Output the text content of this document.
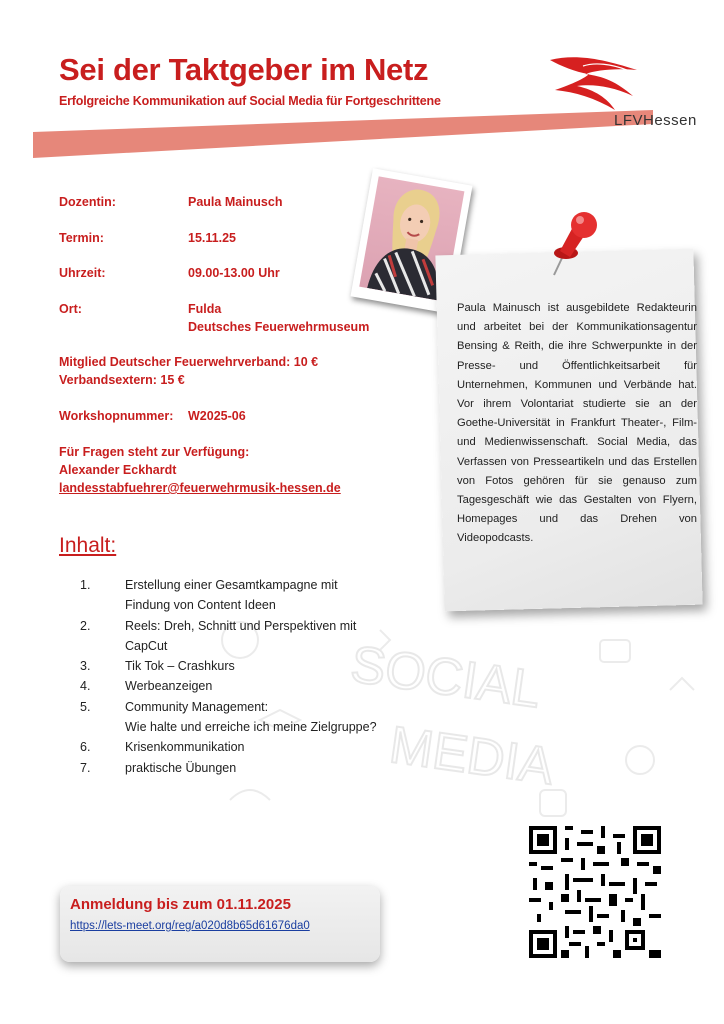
Sei der Taktgeber im Netz
Erfolgreiche Kommunikation auf Social Media für Fortgeschrittene
LFVHessen
Dozentin:	Paula Mainusch
Termin:	15.11.25
Uhrzeit:	09.00-13.00 Uhr
Ort:	Fulda
Deutsches Feuerwehrmuseum
Mitglied Deutscher Feuerwehrverband: 10 €
Verbandsextern: 15 €
Workshopnummer: W2025-06
Für Fragen steht zur Verfügung:
Alexander Eckhardt
landesstabfuehrer@feuerwehrmusik-hessen.de
Paula Mainusch ist ausgebildete Redakteurin und arbeitet bei der Kommunikationsagentur Bensing & Reith, die ihre Schwerpunkte in der Presse- und Öffentlichkeitsarbeit für Unternehmen, Kommunen und Verbände hat. Vor ihrem Volontariat studierte sie an der Goethe-Universität in Frankfurt Theater-, Film- und Medienwissenschaft. Social Media, das Verfassen von Presseartikeln und das Erstellen von Fotos gehören für sie genauso zum Tagesgeschäft wie das Gestalten von Flyern, Homepages und das Drehen von Videopodcasts.
SOCIAL
MEDIA
Inhalt:
1.	Erstellung einer Gesamtkampagne mit
Findung von Content Ideen
2.	Reels: Dreh, Schnitt und Perspektiven mit
CapCut
3.	Tik Tok – Crashkurs
4.	Werbeanzeigen
5.	Community Management:
Wie halte und erreiche ich meine Zielgruppe?
6.	Krisenkommunikation
7.	praktische Übungen
Anmeldung bis zum 01.11.2025
https://lets-meet.org/reg/a020d8b65d61676da0
